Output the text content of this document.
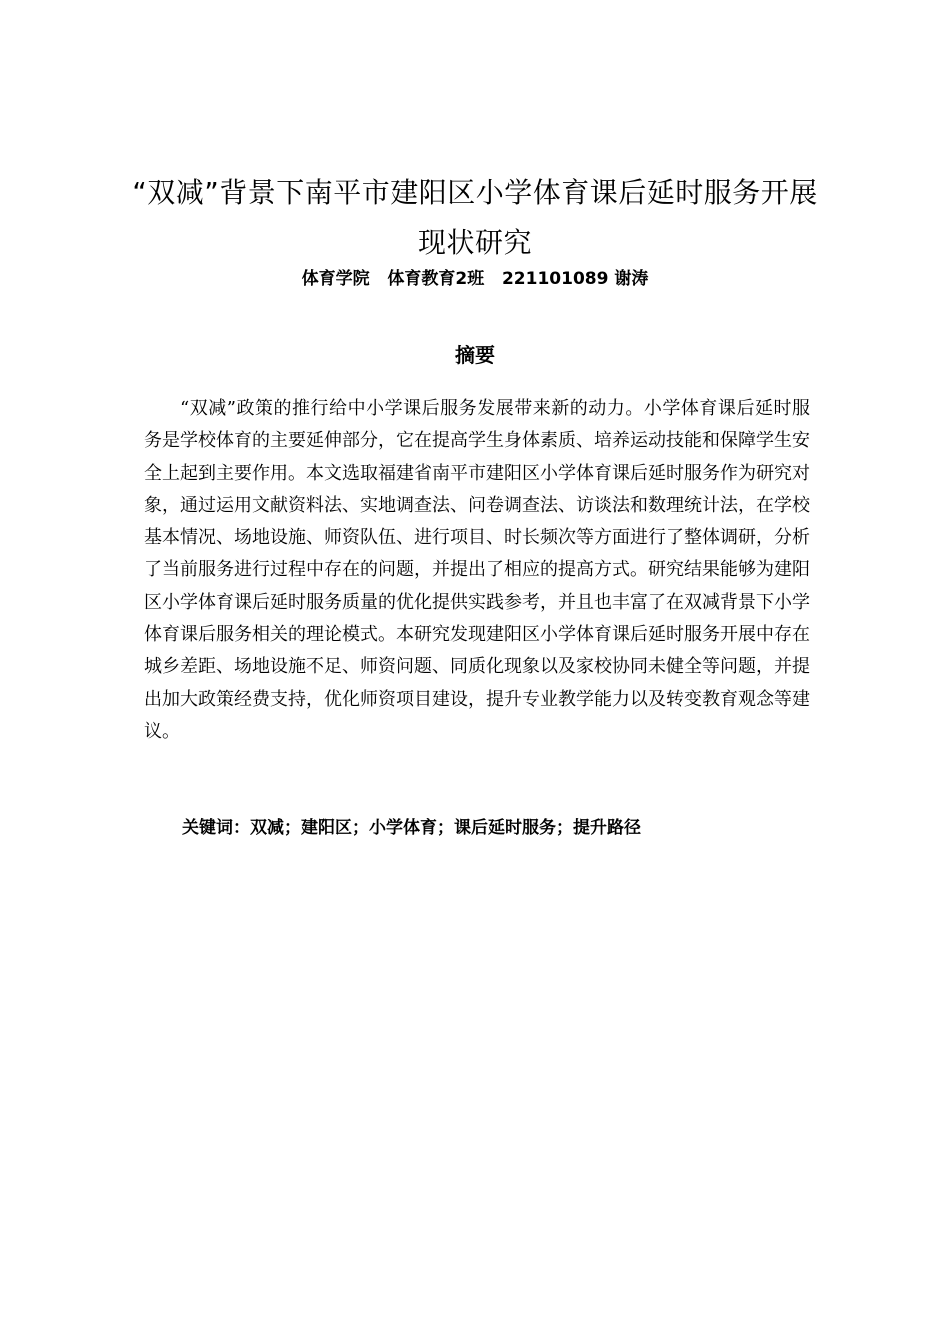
“双减”背景下南平市建阳区小学体育课后延时服务开展现状研究

体育学院   体育教育2班   221101089 谢涛

摘要

“双减”政策的推行给中小学课后服务发展带来新的动力。小学体育课后延时服务是学校体育的主要延伸部分，它在提高学生身体素质、培养运动技能和保障学生安全上起到主要作用。本文选取福建省南平市建阳区小学体育课后延时服务作为研究对象，通过运用文献资料法、实地调查法、问卷调查法、访谈法和数理统计法，在学校基本情况、场地设施、师资队伍、进行项目、时长频次等方面进行了整体调研，分析了当前服务进行过程中存在的问题，并提出了相应的提高方式。研究结果能够为建阳区小学体育课后延时服务质量的优化提供实践参考，并且也丰富了在双减背景下小学体育课后服务相关的理论模式。本研究发现建阳区小学体育课后延时服务开展中存在城乡差距、场地设施不足、师资问题、同质化现象以及家校协同未健全等问题，并提出加大政策经费支持，优化师资项目建设，提升专业教学能力以及转变教育观念等建议。

关键词：双减；建阳区；小学体育；课后延时服务；提升路径
